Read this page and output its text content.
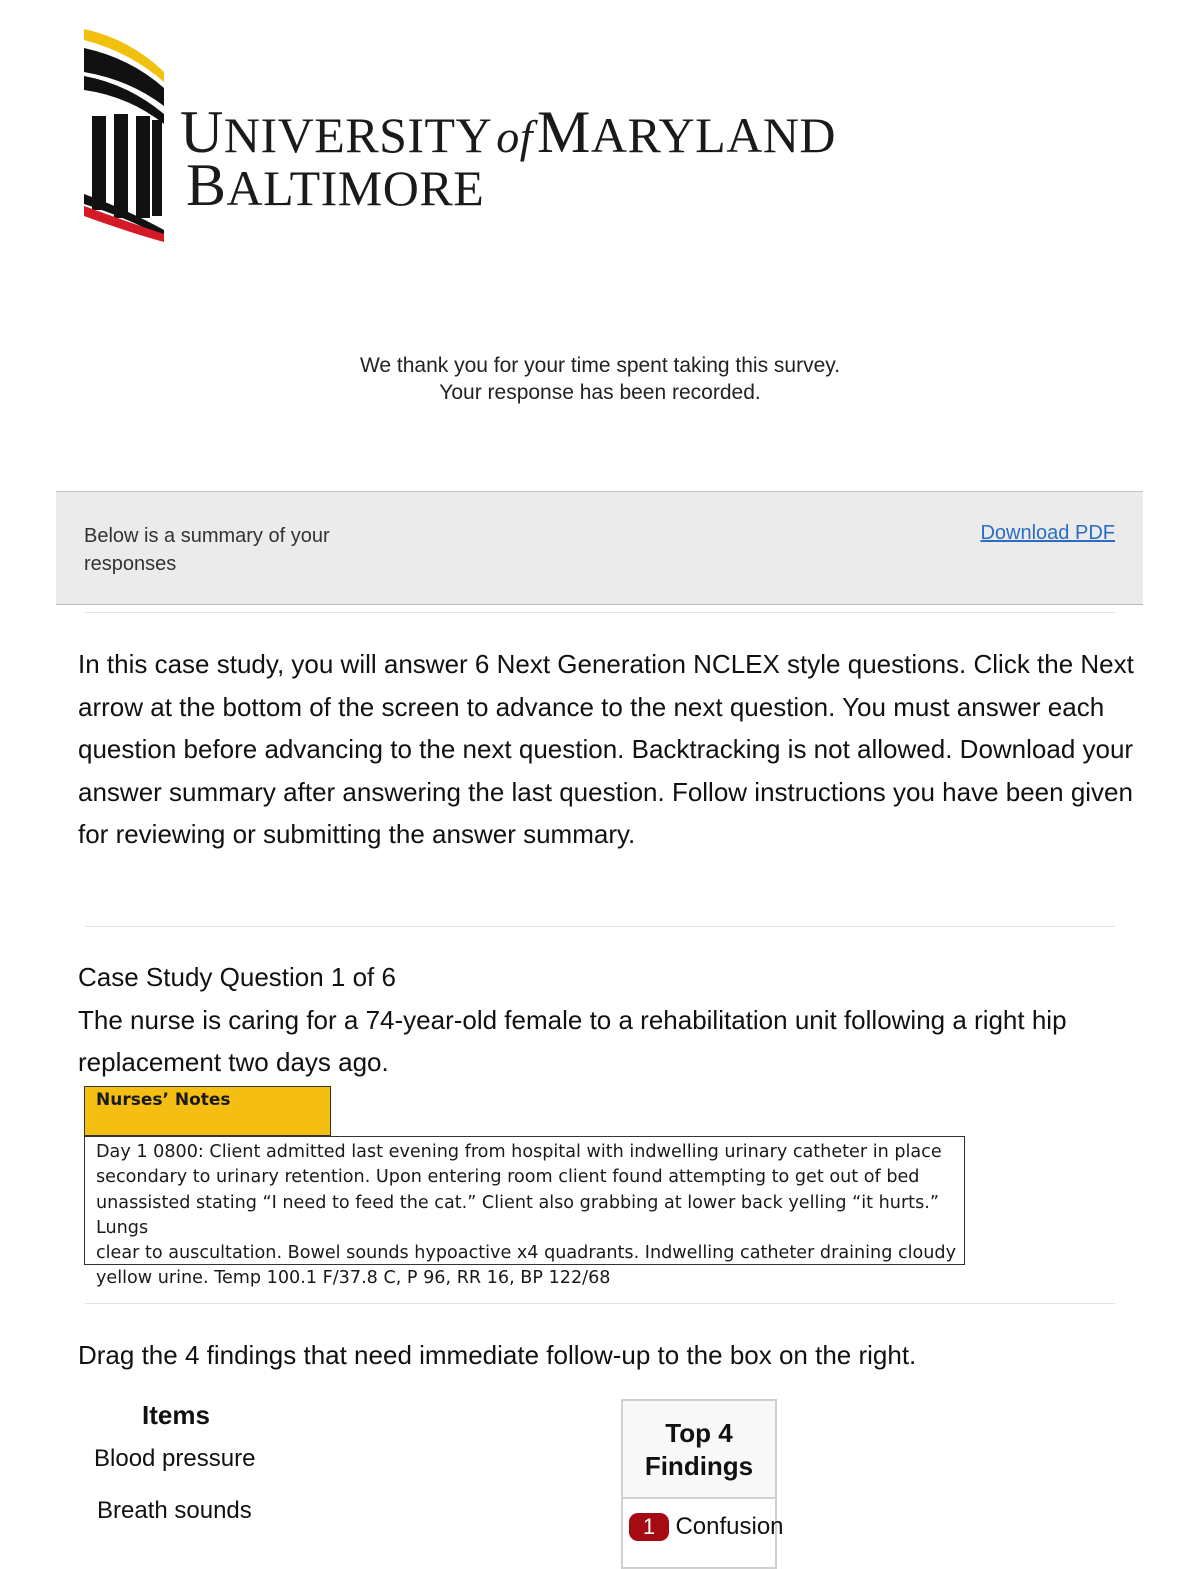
UNIVERSITYofMARYLAND
BALTIMORE
We thank you for your time spent taking this survey.
Your response has been recorded.
Below is a summary of your responses
Download PDF
In this case study, you will answer 6 Next Generation NCLEX style questions. Click the Next arrow at the bottom of the screen to advance to the next question. You must answer each question before advancing to the next question. Backtracking is not allowed. Download your answer summary after answering the last question. Follow instructions you have been given for reviewing or submitting the answer summary.
Case Study Question 1 of 6
The nurse is caring for a 74-year-old female to a rehabilitation unit following a right hip replacement two days ago.
Nurses’ Notes
Day 1 0800: Client admitted last evening from hospital with indwelling urinary catheter in place
secondary to urinary retention. Upon entering room client found attempting to get out of bed
unassisted stating “I need to feed the cat.” Client also grabbing at lower back yelling “it hurts.” Lungs
clear to auscultation. Bowel sounds hypoactive x4 quadrants. Indwelling catheter draining cloudy
yellow urine. Temp 100.1 F/37.8 C, P 96, RR 16, BP 122/68
Drag the 4 findings that need immediate follow-up to the box on the right.
Items
Blood pressure
Breath sounds
Top 4
Findings
1 Confusion
